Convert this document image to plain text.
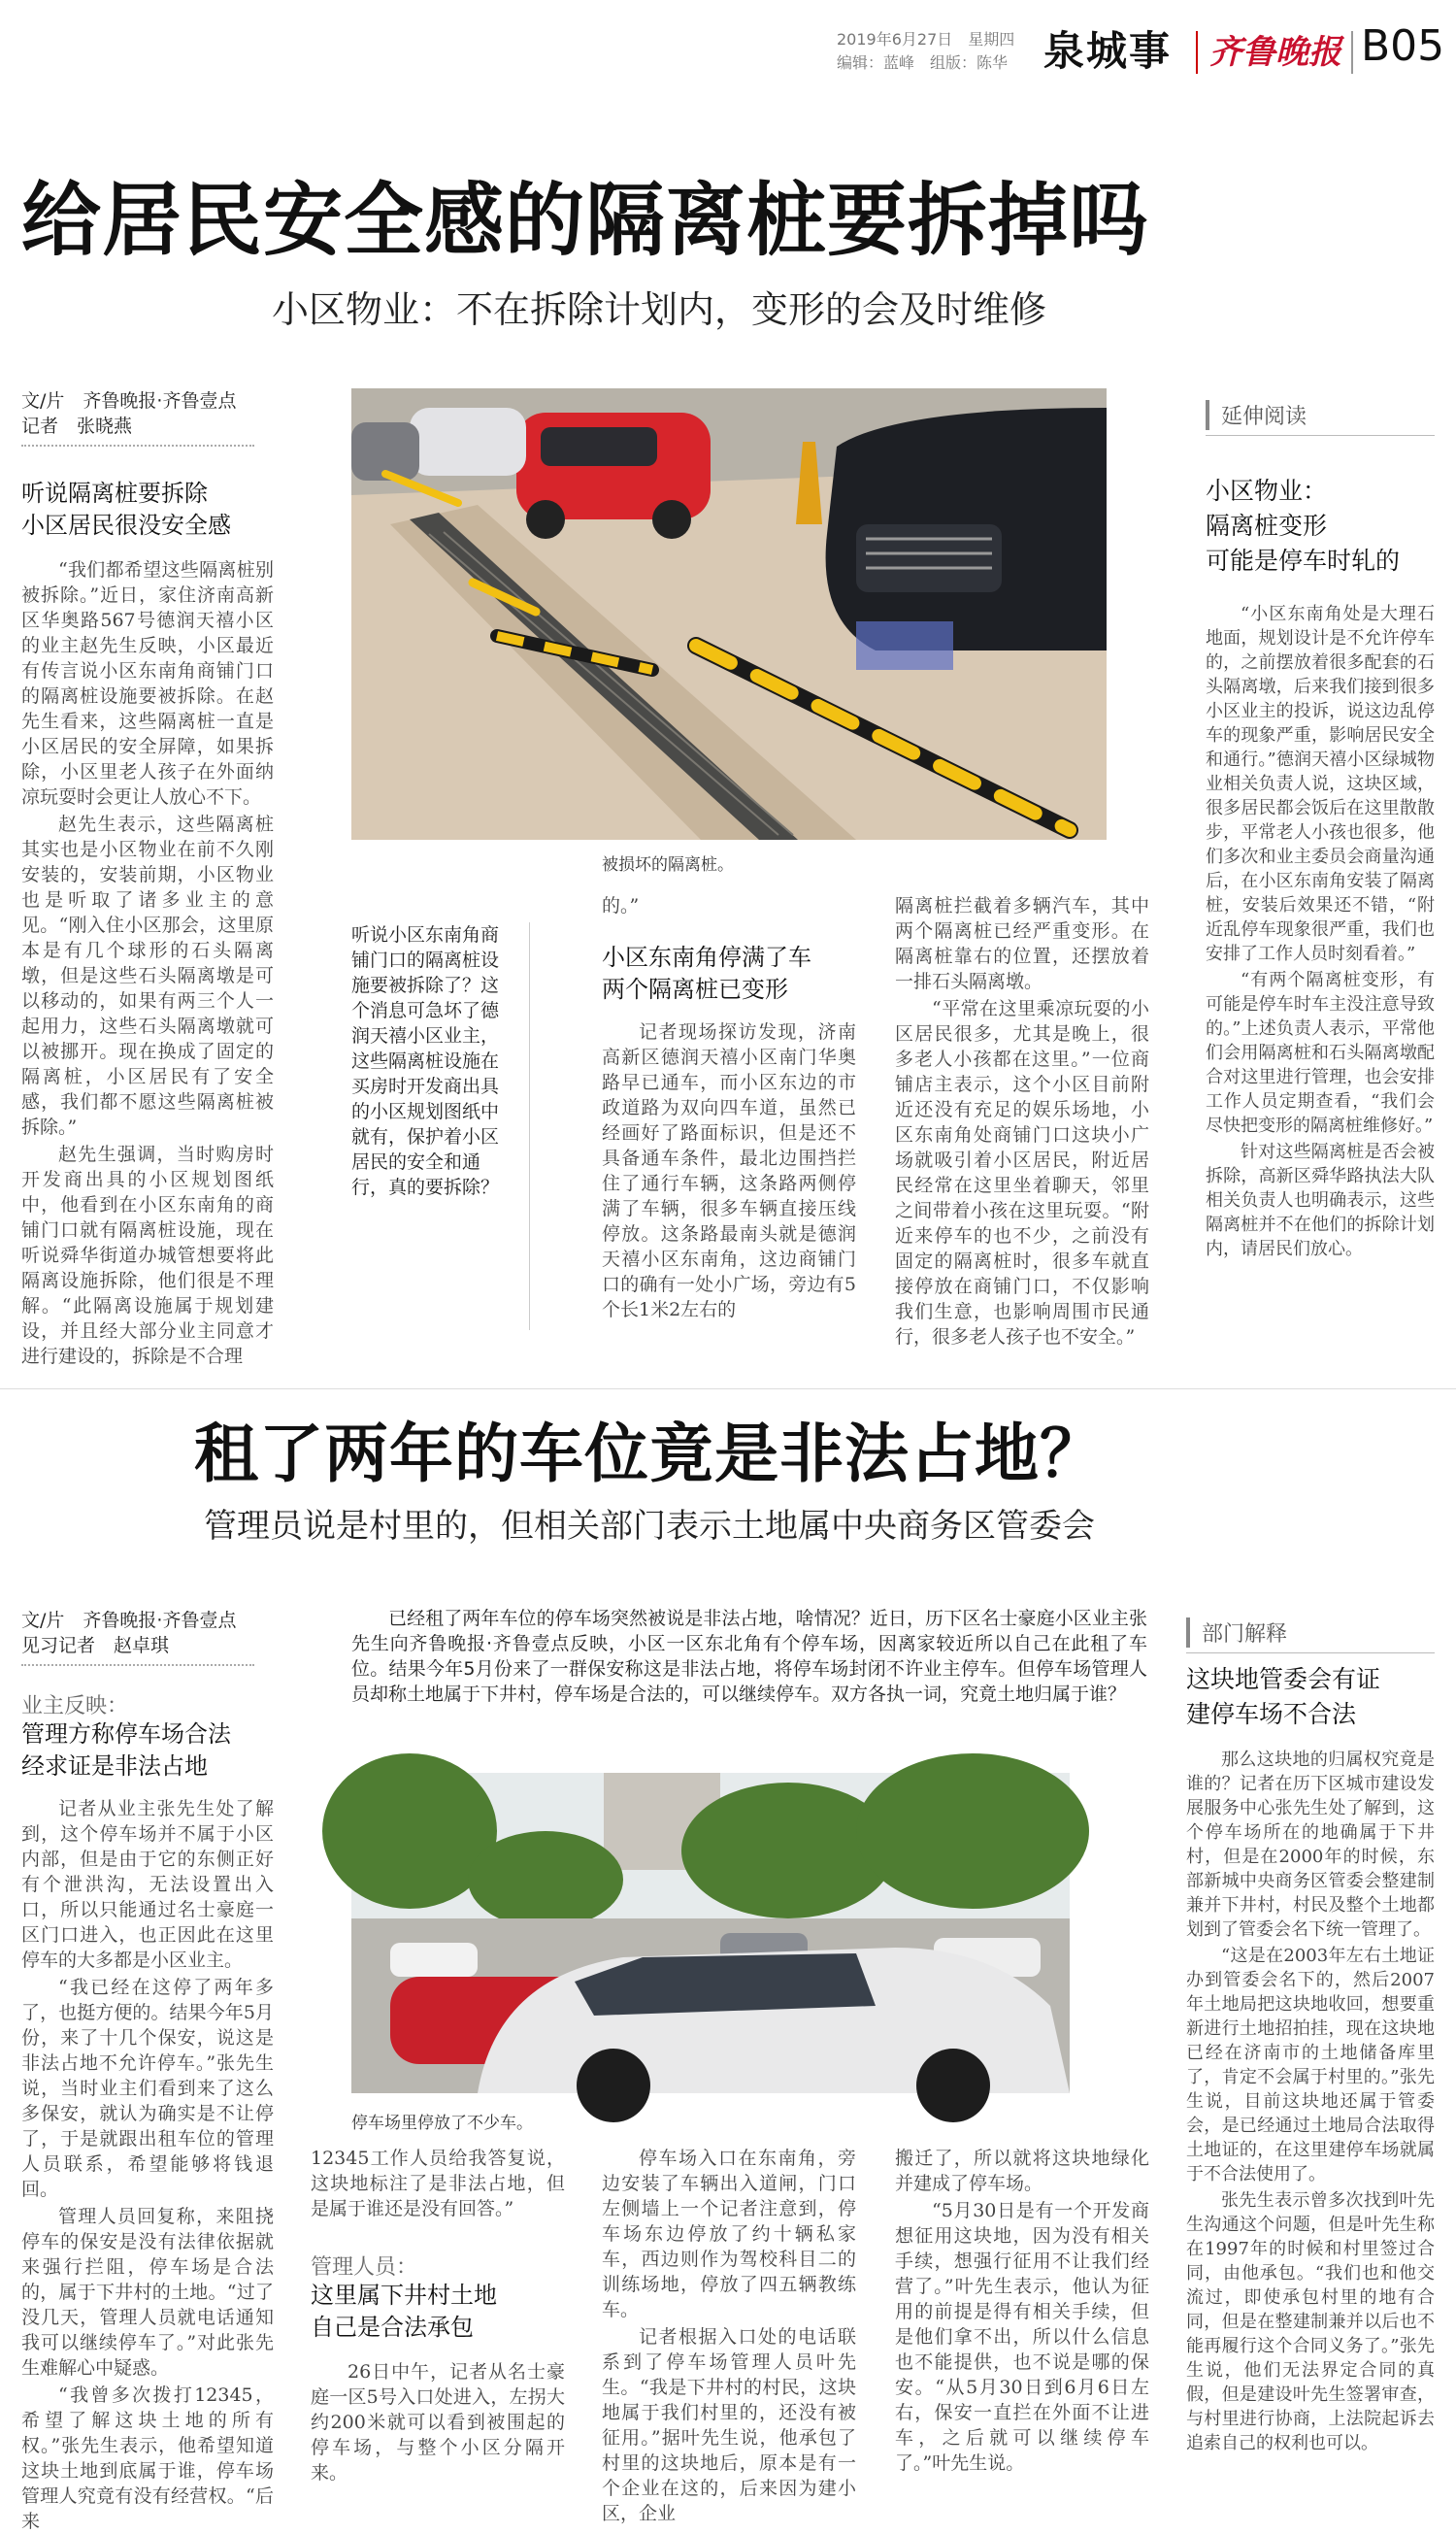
2019年6月27日　星期四
编辑：蓝峰　组版：陈华 泉城事 齐鲁晚报 B05
给居民安全感的隔离桩要拆掉吗
小区物业：不在拆除计划内，变形的会及时维修
文/片　齐鲁晚报·齐鲁壹点
记者　张晓燕
听说隔离桩要拆除
小区居民很没安全感

“我们都希望这些隔离桩别被拆除。”近日，家住济南高新区华奥路567号德润天禧小区的业主赵先生反映，小区最近有传言说小区东南角商铺门口的隔离桩设施要被拆除。在赵先生看来，这些隔离桩一直是小区居民的安全屏障，如果拆除，小区里老人孩子在外面纳凉玩耍时会更让人放心不下。

赵先生表示，这些隔离桩其实也是小区物业在前不久刚安装的，安装前期，小区物业也是听取了诸多业主的意见。“刚入住小区那会，这里原本是有几个球形的石头隔离墩，但是这些石头隔离墩是可以移动的，如果有两三个人一起用力，这些石头隔离墩就可以被挪开。现在换成了固定的隔离桩，小区居民有了安全感，我们都不愿这些隔离桩被拆除。”

赵先生强调，当时购房时开发商出具的小区规划图纸中，他看到在小区东南角的商铺门口就有隔离桩设施，现在听说舜华街道办城管想要将此隔离设施拆除，他们很是不理解。“此隔离设施属于规划建设，并且经大部分业主同意才进行建设的，拆除是不合理

被损坏的隔离桩。
听说小区东南角商铺门口的隔离桩设施要被拆除了？这个消息可急坏了德润天禧小区业主，这些隔离桩设施在买房时开发商出具的小区规划图纸中就有，保护着小区居民的安全和通行，真的要拆除？
的。”
小区东南角停满了车
两个隔离桩已变形

记者现场探访发现，济南高新区德润天禧小区南门华奥路早已通车，而小区东边的市政道路为双向四车道，虽然已经画好了路面标识，但是还不具备通车条件，最北边围挡拦住了通行车辆，这条路两侧停满了车辆，很多车辆直接压线停放。这条路最南头就是德润天禧小区东南角，这边商铺门口的确有一处小广场，旁边有5个长1米2左右的

隔离桩拦截着多辆汽车，其中两个隔离桩已经严重变形。在隔离桩靠右的位置，还摆放着一排石头隔离墩。

“平常在这里乘凉玩耍的小区居民很多，尤其是晚上，很多老人小孩都在这里。”一位商铺店主表示，这个小区目前附近还没有充足的娱乐场地，小区东南角处商铺门口这块小广场就吸引着小区居民，附近居民经常在这里坐着聊天，邻里之间带着小孩在这里玩耍。“附近来停车的也不少，之前没有固定的隔离桩时，很多车就直接停放在商铺门口，不仅影响我们生意，也影响周围市民通行，很多老人孩子也不安全。”

延伸阅读
小区物业：
隔离桩变形
可能是停车时轧的

“小区东南角处是大理石地面，规划设计是不允许停车的，之前摆放着很多配套的石头隔离墩，后来我们接到很多小区业主的投诉，说这边乱停车的现象严重，影响居民安全和通行。”德润天禧小区绿城物业相关负责人说，这块区域，很多居民都会饭后在这里散散步，平常老人小孩也很多，他们多次和业主委员会商量沟通后，在小区东南角安装了隔离桩，安装后效果还不错，“附近乱停车现象很严重，我们也安排了工作人员时刻看着。”

“有两个隔离桩变形，有可能是停车时车主没注意导致的。”上述负责人表示，平常他们会用隔离桩和石头隔离墩配合对这里进行管理，也会安排工作人员定期查看，“我们会尽快把变形的隔离桩维修好。”

针对这些隔离桩是否会被拆除，高新区舜华路执法大队相关负责人也明确表示，这些隔离桩并不在他们的拆除计划内，请居民们放心。

租了两年的车位竟是非法占地？
管理员说是村里的，但相关部门表示土地属中央商务区管委会
文/片　齐鲁晚报·齐鲁壹点
见习记者　赵卓琪
业主反映：
管理方称停车场合法
经求证是非法占地

记者从业主张先生处了解到，这个停车场并不属于小区内部，但是由于它的东侧正好有个泄洪沟，无法设置出入口，所以只能通过名士豪庭一区门口进入，也正因此在这里停车的大多都是小区业主。

“我已经在这停了两年多了，也挺方便的。结果今年5月份，来了十几个保安，说这是非法占地不允许停车。”张先生说，当时业主们看到来了这么多保安，就认为确实是不让停了，于是就跟出租车位的管理人员联系，希望能够将钱退回。

管理人员回复称，来阻挠停车的保安是没有法律依据就来强行拦阻，停车场是合法的，属于下井村的土地。“过了没几天，管理人员就电话通知我可以继续停车了。”对此张先生难解心中疑惑。

“我曾多次拨打12345，希望了解这块土地的所有权。”张先生表示，他希望知道这块土地到底属于谁，停车场管理人究竟有没有经营权。“后来

已经租了两年车位的停车场突然被说是非法占地，啥情况？近日，历下区名士豪庭小区业主张先生向齐鲁晚报·齐鲁壹点反映，小区一区东北角有个停车场，因离家较近所以自己在此租了车位。结果今年5月份来了一群保安称这是非法占地，将停车场封闭不许业主停车。但停车场管理人员却称土地属于下井村，停车场是合法的，可以继续停车。双方各执一词，究竟土地归属于谁？
停车场里停放了不少车。

12345工作人员给我答复说，这块地标注了是非法占地，但是属于谁还是没有回答。”

管理人员：
这里属下井村土地
自己是合法承包

26日中午，记者从名士豪庭一区5号入口处进入，左拐大约200米就可以看到被围起的停车场，与整个小区分隔开来。

停车场入口在东南角，旁边安装了车辆出入道闸，门口左侧墙上一个记者注意到，停车场东边停放了约十辆私家车，西边则作为驾校科目二的训练场地，停放了四五辆教练车。

记者根据入口处的电话联系到了停车场管理人员叶先生。“我是下井村的村民，这块地属于我们村里的，还没有被征用。”据叶先生说，他承包了村里的这块地后，原本是有一个企业在这的，后来因为建小区，企业

搬迁了，所以就将这块地绿化并建成了停车场。

“5月30日是有一个开发商想征用这块地，因为没有相关手续，想强行征用不让我们经营了。”叶先生表示，他认为征用的前提是得有相关手续，但是他们拿不出，所以什么信息也不能提供，也不说是哪的保安。“从5月30日到6月6日左右，保安一直拦在外面不让进车，之后就可以继续停车了。”叶先生说。

部门解释
这块地管委会有证
建停车场不合法

那么这块地的归属权究竟是谁的？记者在历下区城市建设发展服务中心张先生处了解到，这个停车场所在的地确属于下井村，但是在2000年的时候，东部新城中央商务区管委会整建制兼并下井村，村民及整个土地都划到了管委会名下统一管理了。

“这是在2003年左右土地证办到管委会名下的，然后2007年土地局把这块地收回，想要重新进行土地招拍挂，现在这块地已经在济南市的土地储备库里了，肯定不会属于村里的。”张先生说，目前这块地还属于管委会，是已经通过土地局合法取得土地证的，在这里建停车场就属于不合法使用了。

张先生表示曾多次找到叶先生沟通这个问题，但是叶先生称在1997年的时候和村里签过合同，由他承包。“我们也和他交流过，即使承包村里的地有合同，但是在整建制兼并以后也不能再履行这个合同义务了。”张先生说，他们无法界定合同的真假，但是建设叶先生签署审查，与村里进行协商，上法院起诉去追索自己的权利也可以。
